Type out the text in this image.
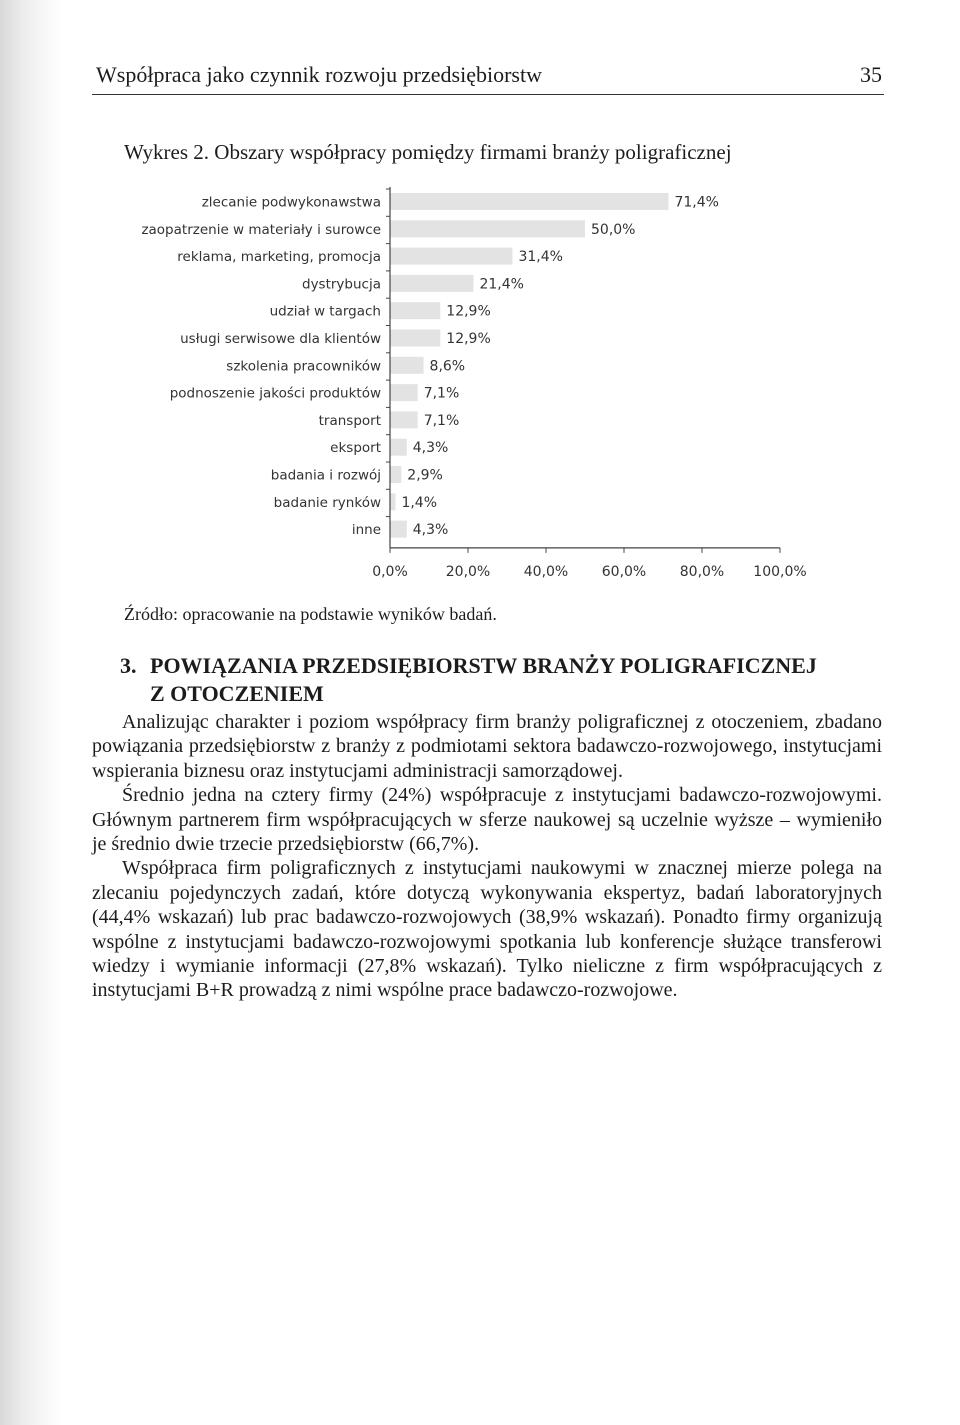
Współpraca jako czynnik rozwoju przedsiębiorstw	35
Wykres 2. Obszary współpracy pomiędzy firmami branży poligraficznej
zlecanie podwykonawstwa	71,4%
zaopatrzenie w materiały i surowce	50,0%
reklama, marketing, promocja	31,4%
dystrybucja	21,4%
udział w targach	12,9%
usługi serwisowe dla klientów	12,9%
szkolenia pracowników	8,6%
podnoszenie jakości produktów	7,1%
transport	7,1%
eksport 4,3%
badania i rozwój 2,9%
badanie rynków 1,4%
inne 4,3%
0,0%	20,0% 40,0% 60,0% 80,0% 100,0%
Źródło: opracowanie na podstawie wyników badań.
3. POWIĄZANIA PRZEDSIĘBIORSTW BRANŻY POLIGRAFICZNEJ
Z OTOCZENIEM

Analizując charakter i poziom współpracy firm branży poligraficznej z otoczeniem, zbadano powiązania przedsiębiorstw z branży z podmiotami sektora badawczo-rozwojowego, instytucjami wspierania biznesu oraz instytucjami administracji samorządowej.

Średnio jedna na cztery firmy (24%) współpracuje z instytucjami badawczo-rozwojowymi. Głównym partnerem firm współpracujących w sferze naukowej są uczelnie wyższe – wymieniło je średnio dwie trzecie przedsiębiorstw (66,7%).

Współpraca firm poligraficznych z instytucjami naukowymi w znacznej mierze polega na zlecaniu pojedynczych zadań, które dotyczą wykonywania ekspertyz, badań laboratoryjnych (44,4% wskazań) lub prac badawczo-rozwojowych (38,9% wskazań). Ponadto firmy organizują wspólne z instytucjami badawczo-rozwojowymi spotkania lub konferencje służące transferowi wiedzy i wymianie informacji (27,8% wskazań). Tylko nieliczne z firm współpracujących z instytucjami B+R prowadzą z nimi wspólne prace badawczo-rozwojowe.
